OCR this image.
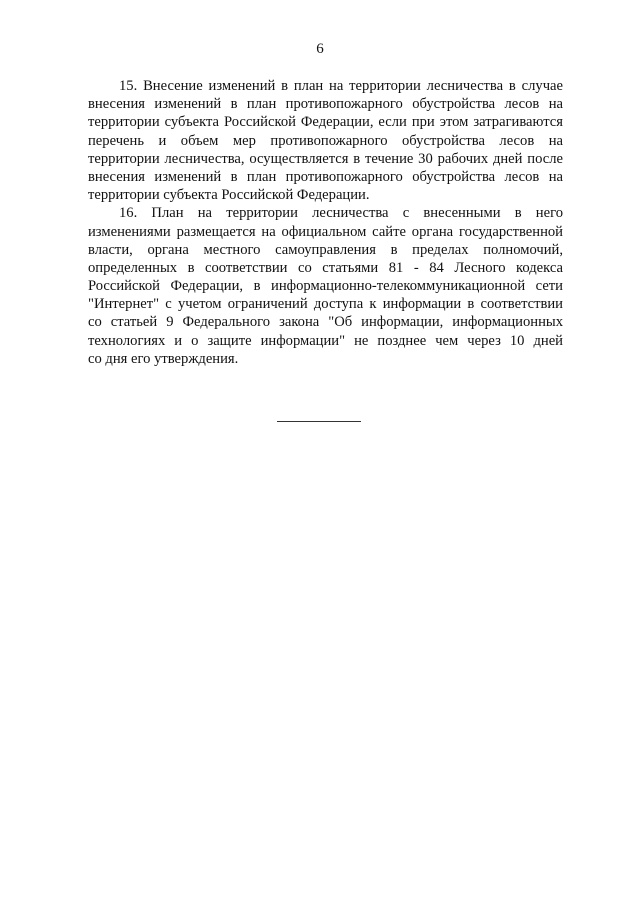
6

15. Внесение изменений в план на территории лесничества в случае
внесения изменений в план противопожарного обустройства лесов на
территории субъекта Российской Федерации, если при этом затрагиваются
перечень и объем мер противопожарного обустройства лесов на
территории лесничества, осуществляется в течение 30 рабочих дней после
внесения изменений в план противопожарного обустройства лесов на
территории субъекта Российской Федерации.

16. План на территории лесничества с внесенными в него
изменениями размещается на официальном сайте органа государственной
власти, органа местного самоуправления в пределах полномочий,
определенных в соответствии со статьями 81 - 84 Лесного кодекса
Российской Федерации, в информационно-телекоммуникационной сети
"Интернет" с учетом ограничений доступа к информации в соответствии
со статьей 9 Федерального закона "Об информации, информационных
технологиях и о защите информации" не позднее чем через 10 дней
со дня его утверждения.
